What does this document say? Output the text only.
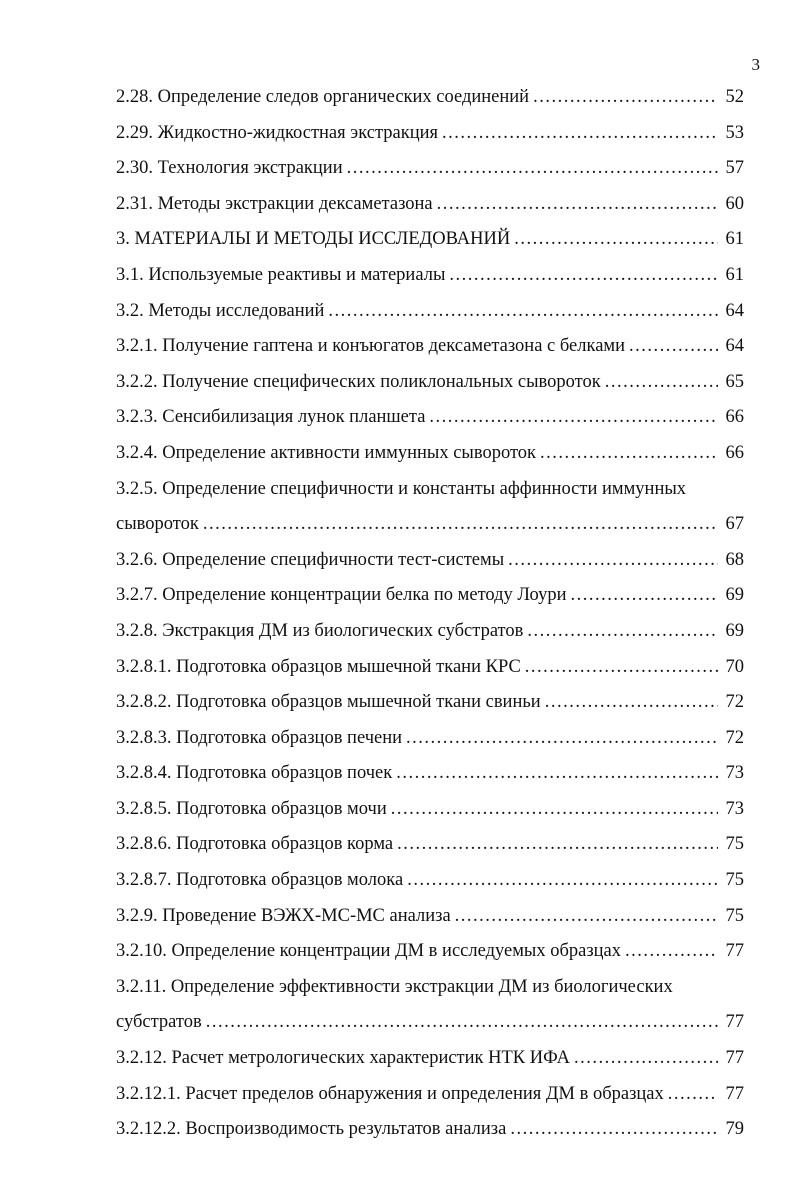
3
2.28. Определение следов органических соединений .....	52
2.29. Жидкостно-жидкостная экстракция .....	53
2.30. Технология экстракции .....	57
2.31. Методы экстракции дексаметазона .....	60
3. МАТЕРИАЛЫ И МЕТОДЫ ИССЛЕДОВАНИЙ .....	61
3.1. Используемые реактивы и материалы .....	61
3.2. Методы исследований .....	64
3.2.1. Получение гаптена и конъюгатов дексаметазона с белками .....	64
3.2.2. Получение специфических поликлональных сывороток .....	65
3.2.3. Сенсибилизация лунок планшета .....	66
3.2.4. Определение активности иммунных сывороток .....	66
3.2.5. Определение специфичности и константы аффинности иммунных
сывороток .....	67
3.2.6. Определение специфичности тест-системы .....	68
3.2.7. Определение концентрации белка по методу Лоури .....	69
3.2.8. Экстракция ДМ из биологических субстратов .....	69
3.2.8.1. Подготовка образцов мышечной ткани КРС .....	70
3.2.8.2. Подготовка образцов мышечной ткани свиньи .....	72
3.2.8.3. Подготовка образцов печени .....	72
3.2.8.4. Подготовка образцов почек .....	73
3.2.8.5. Подготовка образцов мочи .....	73
3.2.8.6. Подготовка образцов корма .....	75
3.2.8.7. Подготовка образцов молока .....	75
3.2.9. Проведение ВЭЖХ-МС-МС анализа .....	75
3.2.10. Определение концентрации ДМ в исследуемых образцах .....	77
3.2.11. Определение эффективности экстракции ДМ из биологических
субстратов .....	77
3.2.12. Расчет метрологических характеристик НТК ИФА .....	77
3.2.12.1. Расчет пределов обнаружения и определения ДМ в образцах .....	77
3.2.12.2. Воспроизводимость результатов анализа .....	79
